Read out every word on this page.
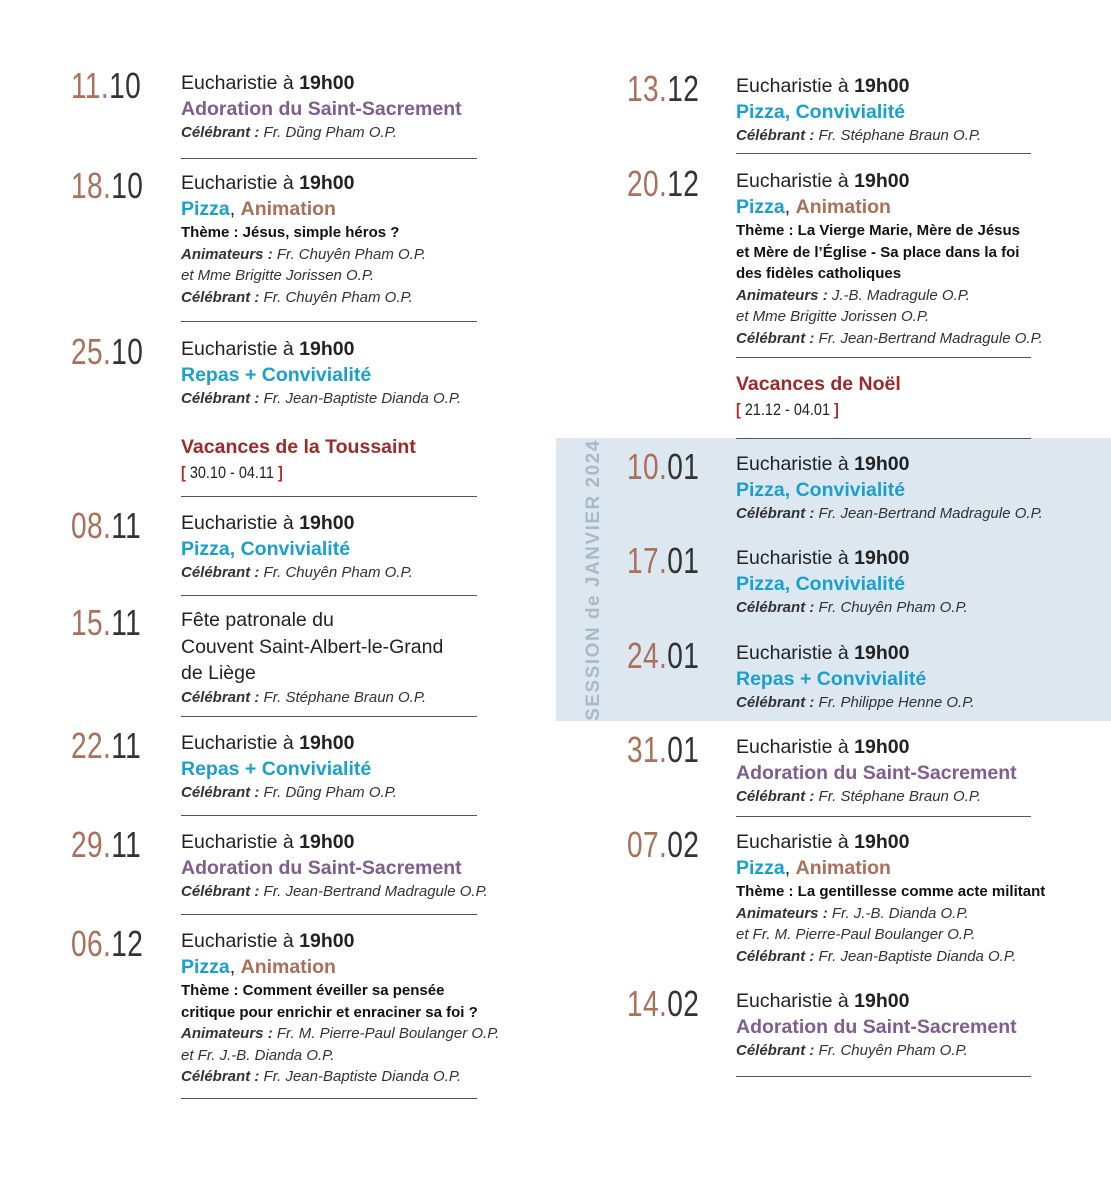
SESSION de JANVIER 2024
11.10 Eucharistie à 19h00
Adoration du Saint-Sacrement
Célébrant : Fr. Dũng Pham O.P.
18.10 Eucharistie à 19h00
Pizza, Animation
Thème : Jésus, simple héros ?
Animateurs : Fr. Chuyên Pham O.P.
et Mme Brigitte Jorissen O.P.
Célébrant : Fr. Chuyên Pham O.P.
25.10 Eucharistie à 19h00
Repas + Convivialité
Célébrant : Fr. Jean-Baptiste Dianda O.P.
Vacances de la Toussaint
[ 30.10 - 04.11 ]
08.11 Eucharistie à 19h00
Pizza, Convivialité
Célébrant : Fr. Chuyên Pham O.P.
15.11 Fête patronale du
Couvent Saint-Albert-le-Grand
de Liège
Célébrant : Fr. Stéphane Braun O.P.
22.11 Eucharistie à 19h00
Repas + Convivialité
Célébrant : Fr. Dũng Pham O.P.
29.11 Eucharistie à 19h00
Adoration du Saint-Sacrement
Célébrant : Fr. Jean-Bertrand Madragule O.P.
06.12 Eucharistie à 19h00
Pizza, Animation
Thème : Comment éveiller sa pensée
critique pour enrichir et enraciner sa foi ?
Animateurs : Fr. M. Pierre-Paul Boulanger O.P.
et Fr. J.-B. Dianda O.P.
Célébrant : Fr. Jean-Baptiste Dianda O.P.
13.12 Eucharistie à 19h00
Pizza, Convivialité
Célébrant : Fr. Stéphane Braun O.P.
20.12 Eucharistie à 19h00
Pizza, Animation
Thème : La Vierge Marie, Mère de Jésus
et Mère de l’Église - Sa place dans la foi
des fidèles catholiques
Animateurs : J.-B. Madragule O.P.
et Mme Brigitte Jorissen O.P.
Célébrant : Fr. Jean-Bertrand Madragule O.P.
Vacances de Noël
[ 21.12 - 04.01 ]
10.01 Eucharistie à 19h00
Pizza, Convivialité
Célébrant : Fr. Jean-Bertrand Madragule O.P.
17.01 Eucharistie à 19h00
Pizza, Convivialité
Célébrant : Fr. Chuyên Pham O.P.
24.01 Eucharistie à 19h00
Repas + Convivialité
Célébrant : Fr. Philippe Henne O.P.
31.01 Eucharistie à 19h00
Adoration du Saint-Sacrement
Célébrant : Fr. Stéphane Braun O.P.
07.02 Eucharistie à 19h00
Pizza, Animation
Thème : La gentillesse comme acte militant
Animateurs : Fr. J.-B. Dianda O.P.
et Fr. M. Pierre-Paul Boulanger O.P.
Célébrant : Fr. Jean-Baptiste Dianda O.P.
14.02 Eucharistie à 19h00
Adoration du Saint-Sacrement
Célébrant : Fr. Chuyên Pham O.P.
